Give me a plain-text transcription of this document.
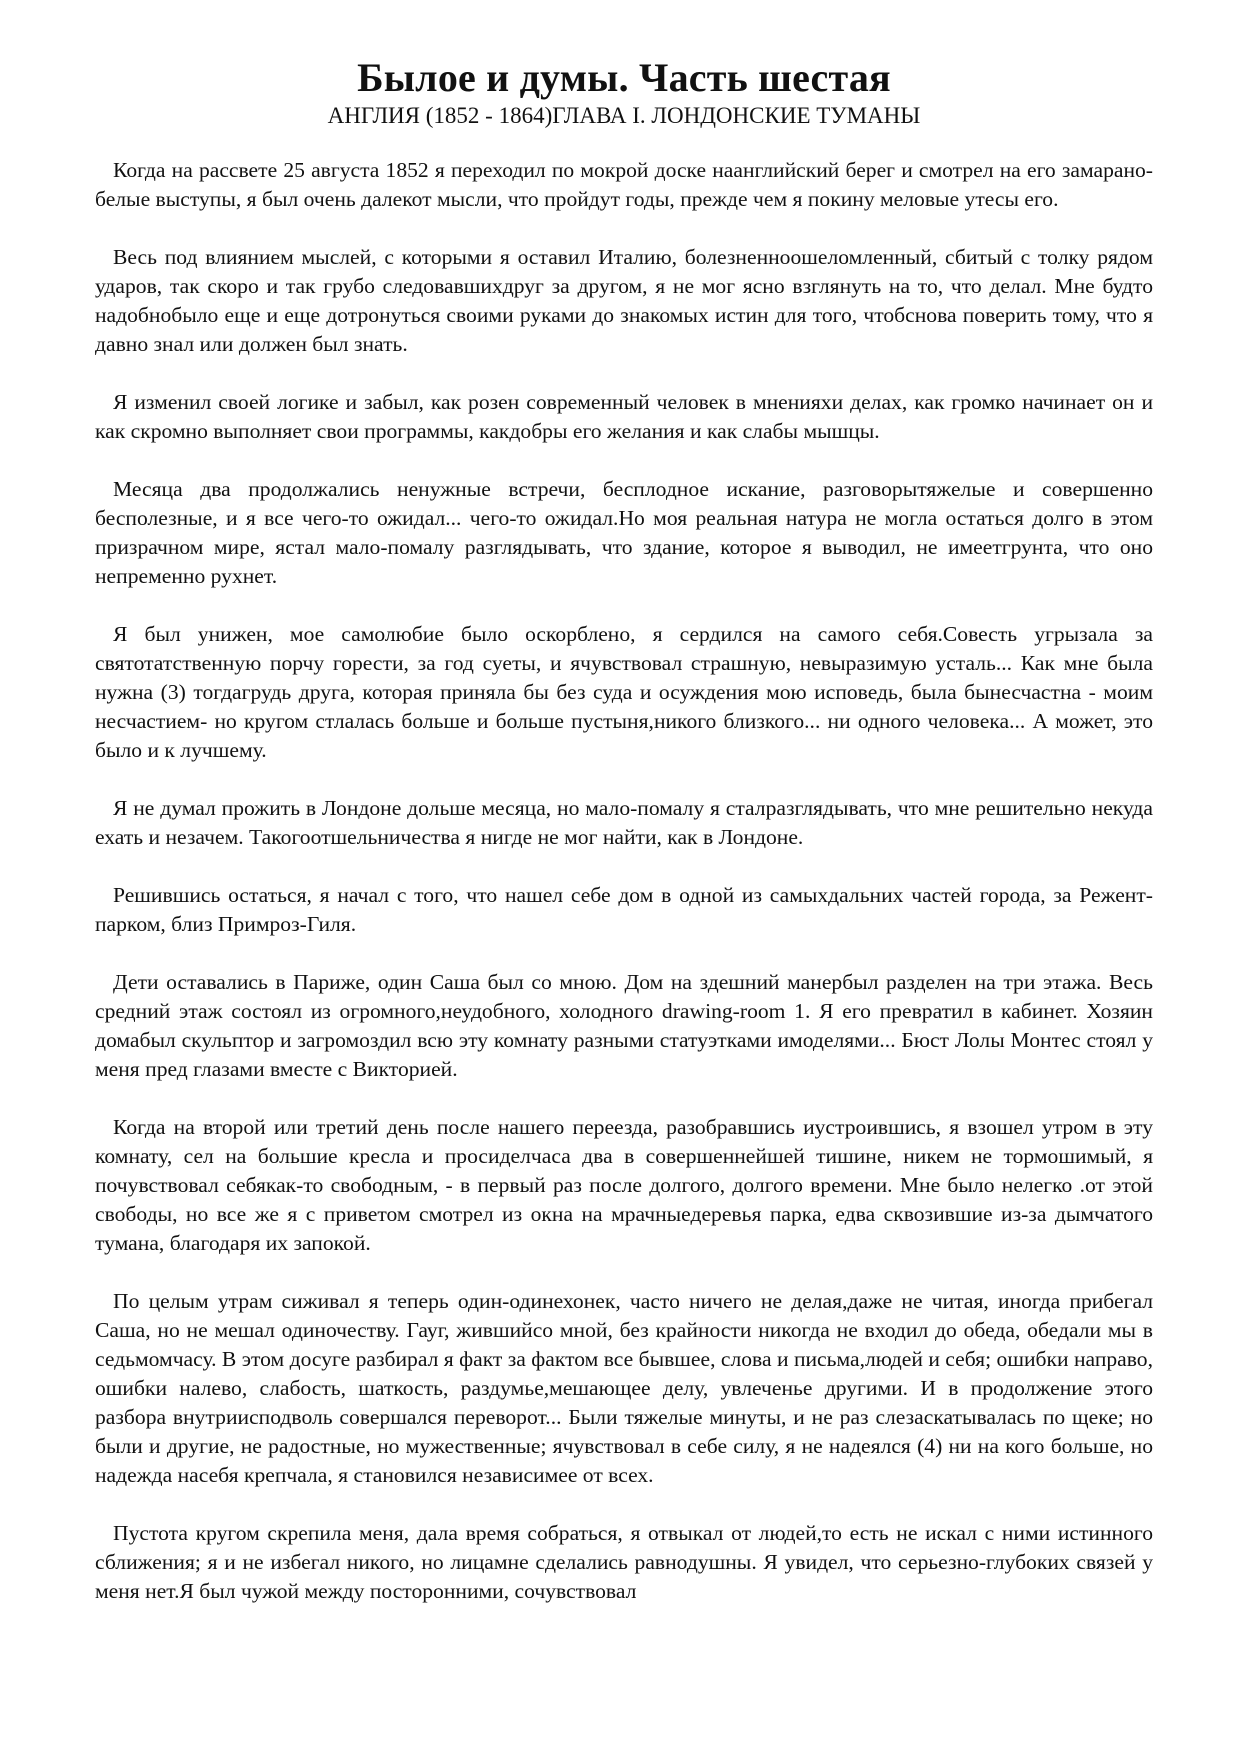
Былое и думы. Часть шестая
АНГЛИЯ (1852 - 1864)ГЛАВА I. ЛОНДОНСКИЕ ТУМАНЫ

Когда на рассвете 25 августа 1852 я переходил по мокрой доске нaанглийский берег и смотрел на его замарано-белые выступы, я был очень далекот мысли, что пройдут годы, прежде чем я покину меловые утесы его.

Весь под влиянием мыслей, с которыми я оставил Италию, болезненноошеломленный, сбитый с толку рядом ударов, так скоро и так грубо следовавшихдруг за другом, я не мог ясно взглянуть на то, что делал. Мне будто надобнобыло еще и еще дотронуться своими руками до знакомых истин для того, чтобснова поверить тому, что я давно знал или должен был знать.

Я изменил своей логике и забыл, как розен современный человек в мненияхи делах, как громко начинает он и как скромно выполняет свои программы, какдобры его желания и как слабы мышцы.

Месяца два продолжались ненужные встречи, бесплодное искание, разговорытяжелые и совершенно бесполезные, и я все чего-то ожидал... чего-то ожидал.Но моя реальная натура не могла остаться долго в этом призрачном мире, ястал мало-помалу разглядывать, что здание, которое я выводил, не имеетгрунта, что оно непременно рухнет.

Я был унижен, мое самолюбие было оскорблено, я сердился на самого себя.Совесть угрызала за святотатственную порчу горести, за год суеты, и ячувствовал страшную, невыразимую усталь... Как мне была нужна (3) тогдагрудь друга, которая приняла бы без суда и осуждения мою исповедь, была бынесчастна - моим несчастием- но кругом стлалась больше и больше пустыня,никого близкого... ни одного человека... А может, это было и к лучшему.

Я не думал прожить в Лондоне дольше месяца, но мало-помалу я сталразглядывать, что мне решительно некуда ехать и незачем. Такогоотшельничества я нигде не мог найти, как в Лондоне.

Решившись остаться, я начал с того, что нашел себе дом в одной из самыхдальних частей города, за Режент-парком, близ Примроз-Гиля.

Дети оставались в Париже, один Саша был со мною. Дом на здешний манербыл разделен на три этажа. Весь средний этаж состоял из огромного,неудобного, холодного drawing-room 1. Я его превратил в кабинет. Хозяин домабыл скульптор и загромоздил всю эту комнату разными статуэтками имоделями... Бюст Лолы Монтес стоял у меня пред глазами вместе с Викторией.

Когда на второй или третий день после нашего переезда, разобравшись иустроившись, я взошел утром в эту комнату, сел на большие кресла и просиделчаса два в совершеннейшей тишине, никем не тормошимый, я почувствовал себякак-то свободным, - в первый раз после долгого, долгого времени. Мне было нелегко .от этой свободы, но все же я с приветом смотрел из окна на мрачныедеревья парка, едва сквозившие из-за дымчатого тумана, благодаря их запокой.

По целым утрам сиживал я теперь один-одинехонек, часто ничего не делая,даже не читая, иногда прибегал Саша, но не мешал одиночеству. Гауг, жившийсо мной, без крайности никогда не входил до обеда, обедали мы в седьмомчасу. В этом досуге разбирал я факт за фактом все бывшее, слова и письма,людей и себя; ошибки направо, ошибки налево, слабость, шаткость, раздумье,мешающее делу, увлеченье другими. И в продолжение этого разбора внутриисподволь совершался переворот... Были тяжелые минуты, и не раз слезаскатывалась по щеке; но были и другие, не радостные, но мужественные; ячувствовал в себе силу, я не надеялся (4) ни на кого больше, но надежда насебя крепчала, я становился независимее от всех.

Пустота кругом скрепила меня, дала время собраться, я отвыкал от людей,то есть не искал с ними истинного сближения; я и не избегал никого, но лицамне сделались равнодушны. Я увидел, что серьезно-глубоких связей у меня нет.Я был чужой между посторонними, сочувствовал
